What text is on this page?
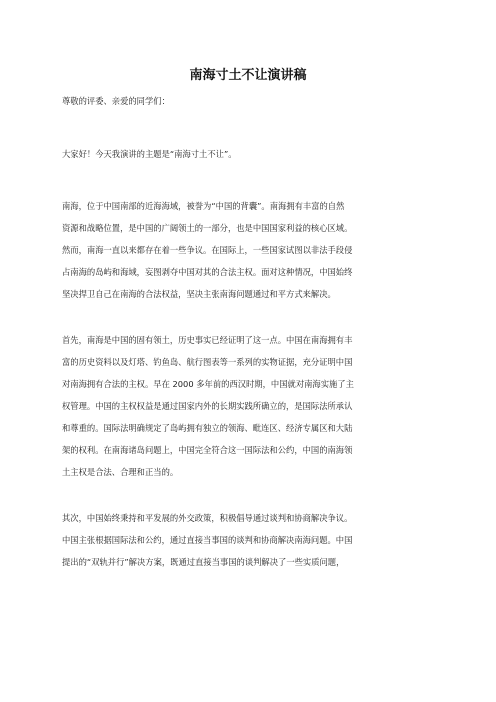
南海寸土不让演讲稿
尊敬的评委、亲爱的同学们：
大家好！今天我演讲的主题是“南海寸土不让”。
南海，位于中国南部的近海海域，被誉为“中国的背囊”。南海拥有丰富的自然
资源和战略位置，是中国的广阔领土的一部分，也是中国国家利益的核心区域。
然而，南海一直以来都存在着一些争议。在国际上，一些国家试图以非法手段侵
占南海的岛屿和海域，妄图剥夺中国对其的合法主权。面对这种情况，中国始终
坚决捍卫自己在南海的合法权益，坚决主张南海问题通过和平方式来解决。
首先，南海是中国的固有领土，历史事实已经证明了这一点。中国在南海拥有丰
富的历史资料以及灯塔、钓鱼岛、航行图表等一系列的实物证据，充分证明中国
对南海拥有合法的主权。早在 2000 多年前的西汉时期，中国就对南海实施了主
权管理。中国的主权权益是通过国家内外的长期实践所确立的，是国际法所承认
和尊重的。国际法明确规定了岛屿拥有独立的领海、毗连区、经济专属区和大陆
架的权利。在南海诸岛问题上，中国完全符合这一国际法和公约，中国的南海领
土主权是合法、合理和正当的。
其次，中国始终秉持和平发展的外交政策，积极倡导通过谈判和协商解决争议。
中国主张根据国际法和公约，通过直接当事国的谈判和协商解决南海问题。中国
提出的“双轨并行”解决方案，既通过直接当事国的谈判解决了一些实质问题，
